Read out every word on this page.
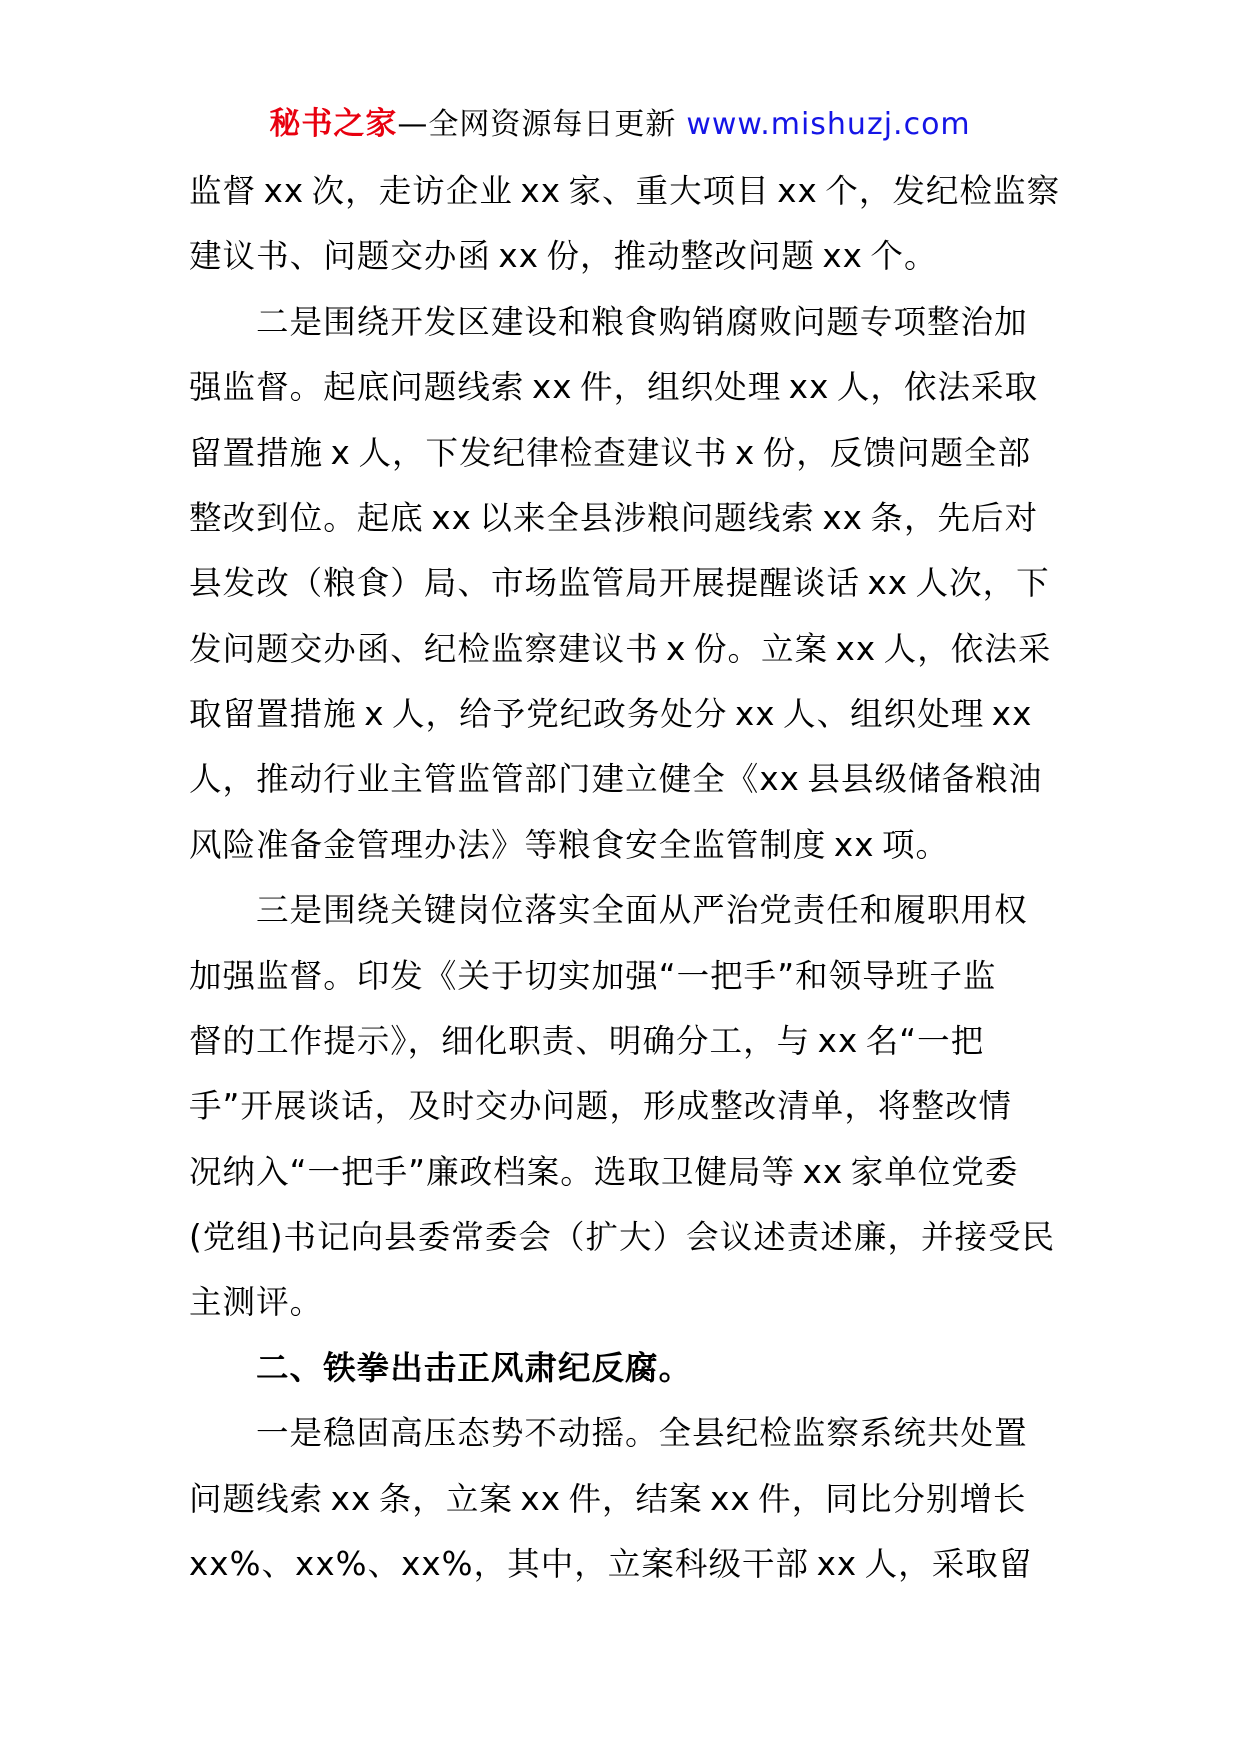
秘书之家—全网资源每日更新 www.mishuzj.com
监督 xx 次，走访企业 xx 家、重大项目 xx 个，发纪检监察
建议书、问题交办函 xx 份，推动整改问题 xx 个。
二是围绕开发区建设和粮食购销腐败问题专项整治加
强监督。起底问题线索 xx 件，组织处理 xx 人，依法采取
留置措施 x 人，下发纪律检查建议书 x 份，反馈问题全部
整改到位。起底 xx 以来全县涉粮问题线索 xx 条，先后对
县发改（粮食）局、市场监管局开展提醒谈话 xx 人次，下
发问题交办函、纪检监察建议书 x 份。立案 xx 人，依法采
取留置措施 x 人，给予党纪政务处分 xx 人、组织处理 xx
人，推动行业主管监管部门建立健全《xx 县县级储备粮油
风险准备金管理办法》等粮食安全监管制度 xx 项。
三是围绕关键岗位落实全面从严治党责任和履职用权
加强监督。印发《关于切实加强“一把手”和领导班子监
督的工作提示》，细化职责、明确分工，与 xx 名“一把
手”开展谈话，及时交办问题，形成整改清单，将整改情
况纳入“一把手”廉政档案。选取卫健局等 xx 家单位党委
(党组)书记向县委常委会（扩大）会议述责述廉，并接受民
主测评。
二、铁拳出击正风肃纪反腐。
一是稳固高压态势不动摇。全县纪检监察系统共处置
问题线索 xx 条，立案 xx 件，结案 xx 件，同比分别增长
xx%、xx%、xx%，其中，立案科级干部 xx 人，采取留
